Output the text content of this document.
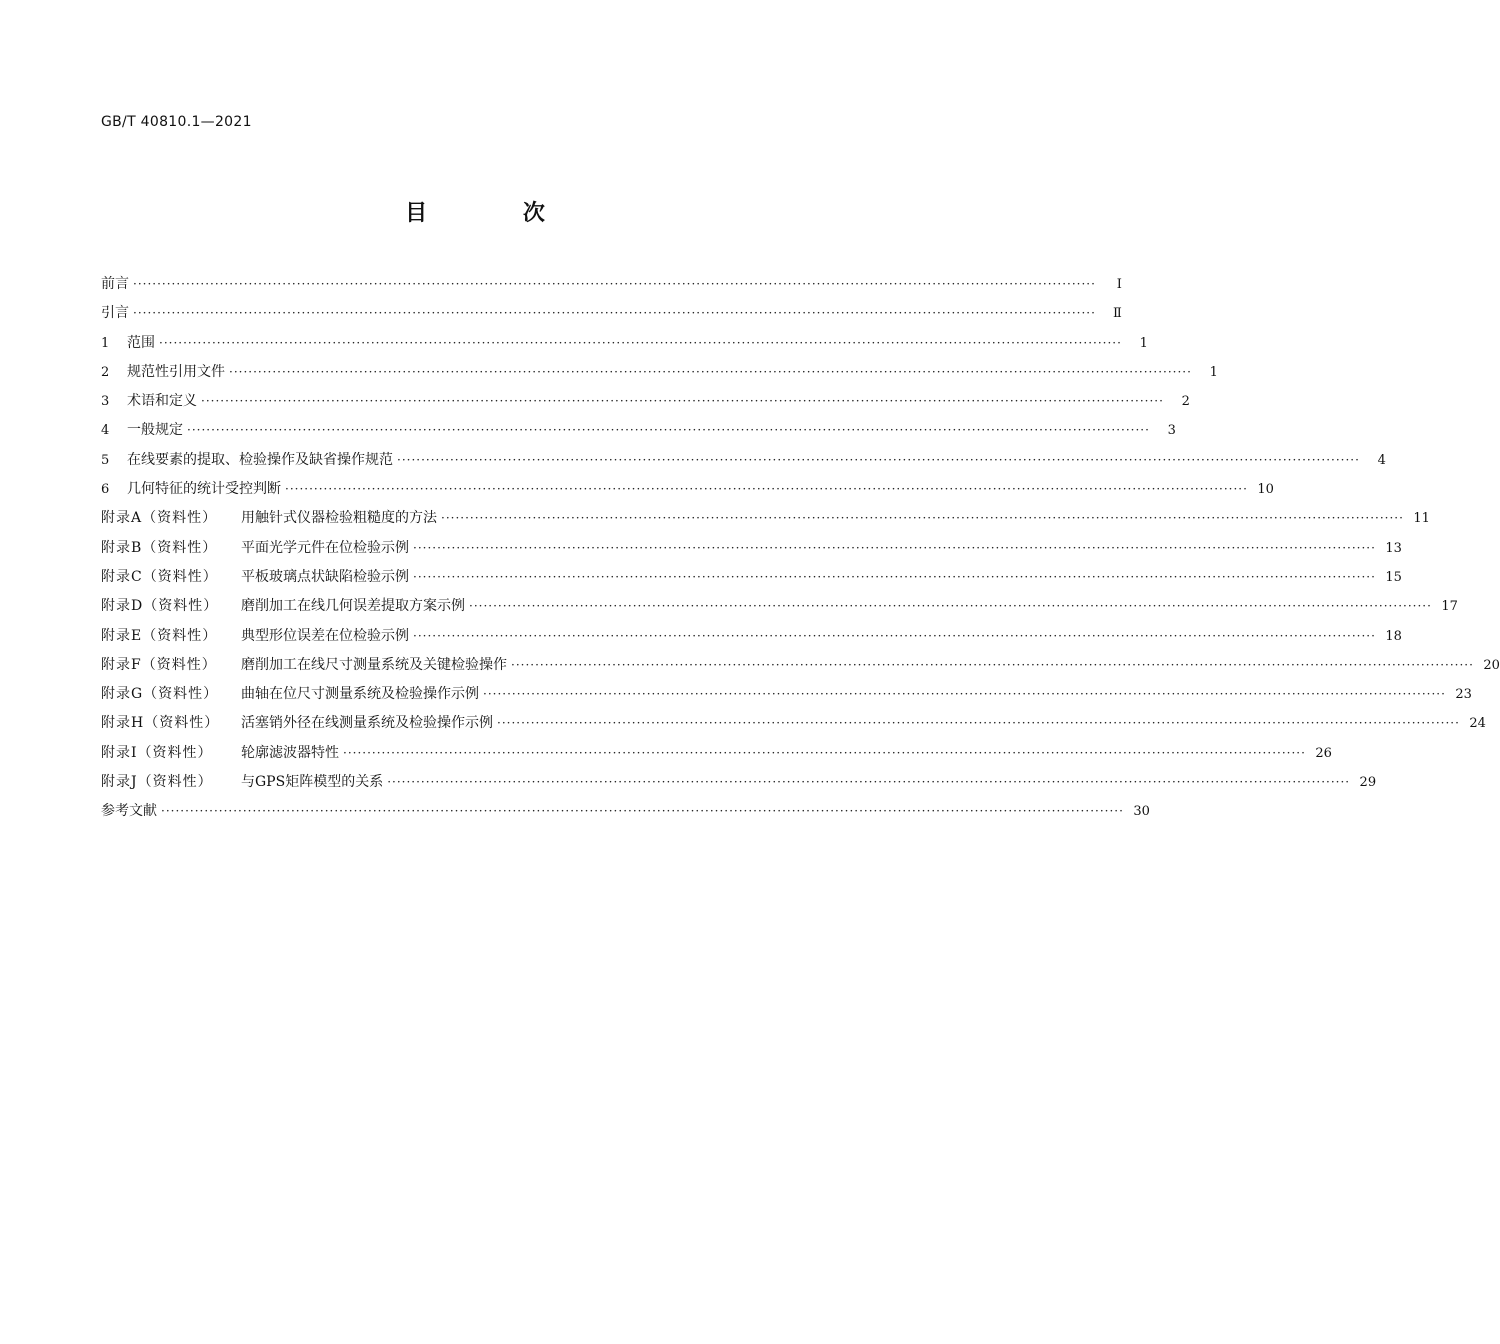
GB/T 40810.1—2021
目 次
前言 ········································································································································································································	Ⅰ
引言 ········································································································································································································	Ⅱ
1 范围 ········································································································································································································	1
2 规范性引用文件 ········································································································································································································	1
3 术语和定义 ········································································································································································································	2
4 一般规定 ········································································································································································································	3
5 在线要素的提取、检验操作及缺省操作规范 ········································································································································································································	4
6 几何特征的统计受控判断 ········································································································································································································ 10
附录A（资料性） 用触针式仪器检验粗糙度的方法 ········································································································································································································ 11
附录B（资料性） 平面光学元件在位检验示例 ········································································································································································································ 13
附录C（资料性） 平板玻璃点状缺陷检验示例 ········································································································································································································ 15
附录D（资料性） 磨削加工在线几何误差提取方案示例 ········································································································································································································ 17
附录E（资料性） 典型形位误差在位检验示例 ········································································································································································································ 18
附录F（资料性） 磨削加工在线尺寸测量系统及关键检验操作 ········································································································································································································ 20
附录G（资料性） 曲轴在位尺寸测量系统及检验操作示例 ········································································································································································································ 23
附录H（资料性） 活塞销外径在线测量系统及检验操作示例 ········································································································································································································ 24
附录I（资料性） 轮廓滤波器特性 ········································································································································································································ 26
附录J（资料性） 与GPS矩阵模型的关系 ········································································································································································································ 29
参考文献 ········································································································································································································ 30
